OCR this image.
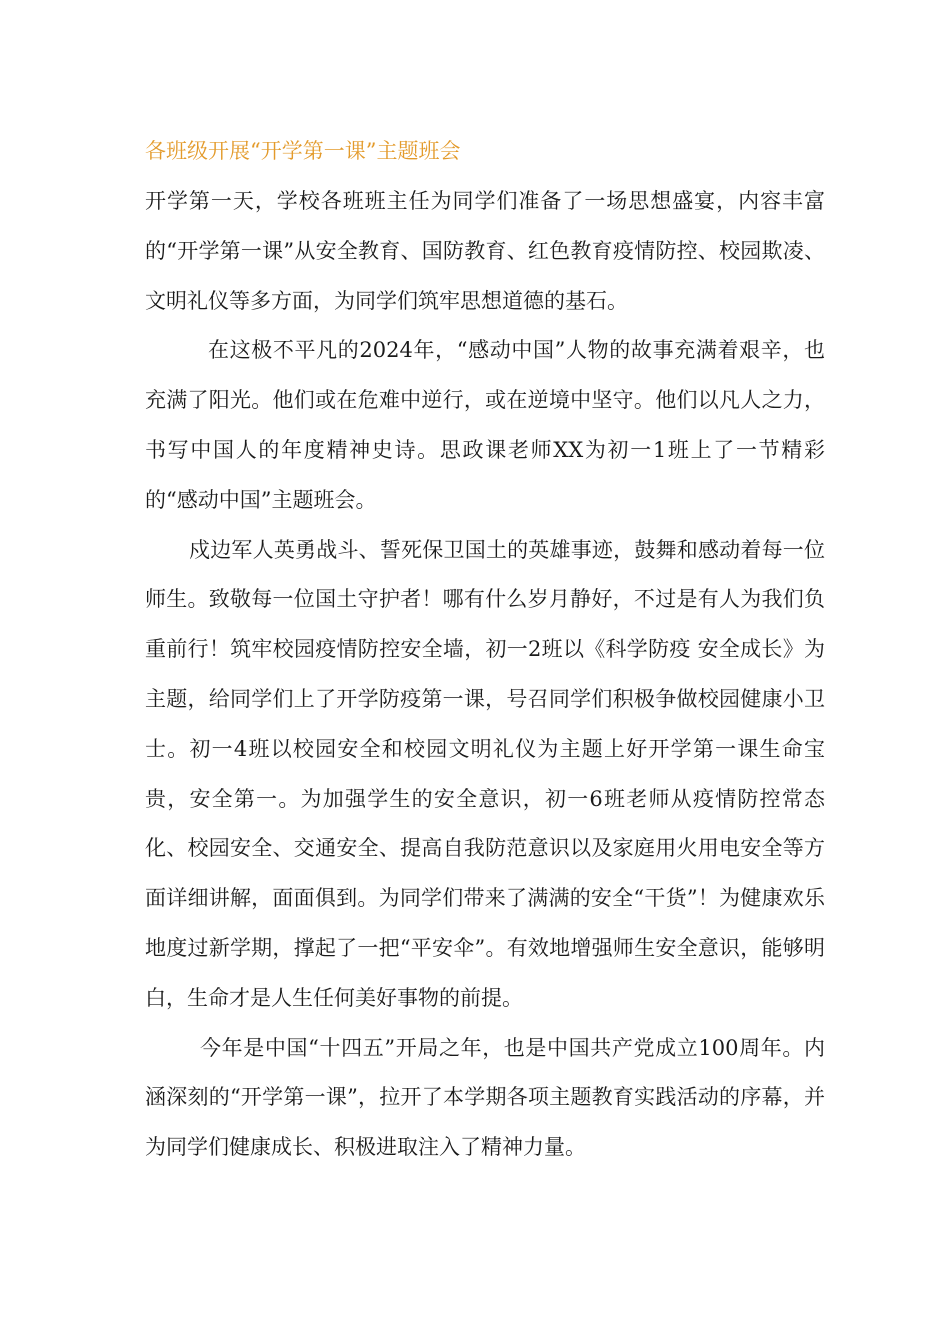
各班级开展“开学第一课”主题班会

开学第一天，学校各班班主任为同学们准备了一场思想盛宴，内容丰富的“开学第一课”从安全教育、国防教育、红色教育疫情防控、校园欺凌、文明礼仪等多方面，为同学们筑牢思想道德的基石。

在这极不平凡的2024年，“感动中国”人物的故事充满着艰辛，也充满了阳光。他们或在危难中逆行，或在逆境中坚守。他们以凡人之力，书写中国人的年度精神史诗。思政课老师XX为初一1班上了一节精彩的“感动中国”主题班会。

戍边军人英勇战斗、誓死保卫国土的英雄事迹，鼓舞和感动着每一位师生。致敬每一位国土守护者！哪有什么岁月静好，不过是有人为我们负重前行！筑牢校园疫情防控安全墙，初一2班以《科学防疫 安全成长》为主题，给同学们上了开学防疫第一课，号召同学们积极争做校园健康小卫士。初一4班以校园安全和校园文明礼仪为主题上好开学第一课生命宝贵，安全第一。为加强学生的安全意识，初一6班老师从疫情防控常态化、校园安全、交通安全、提高自我防范意识以及家庭用火用电安全等方面详细讲解，面面俱到。为同学们带来了满满的安全“干货”！为健康欢乐地度过新学期，撑起了一把“平安伞”。有效地增强师生安全意识，能够明白，生命才是人生任何美好事物的前提。

今年是中国“十四五”开局之年，也是中国共产党成立100周年。内涵深刻的“开学第一课”，拉开了本学期各项主题教育实践活动的序幕，并为同学们健康成长、积极进取注入了精神力量。
